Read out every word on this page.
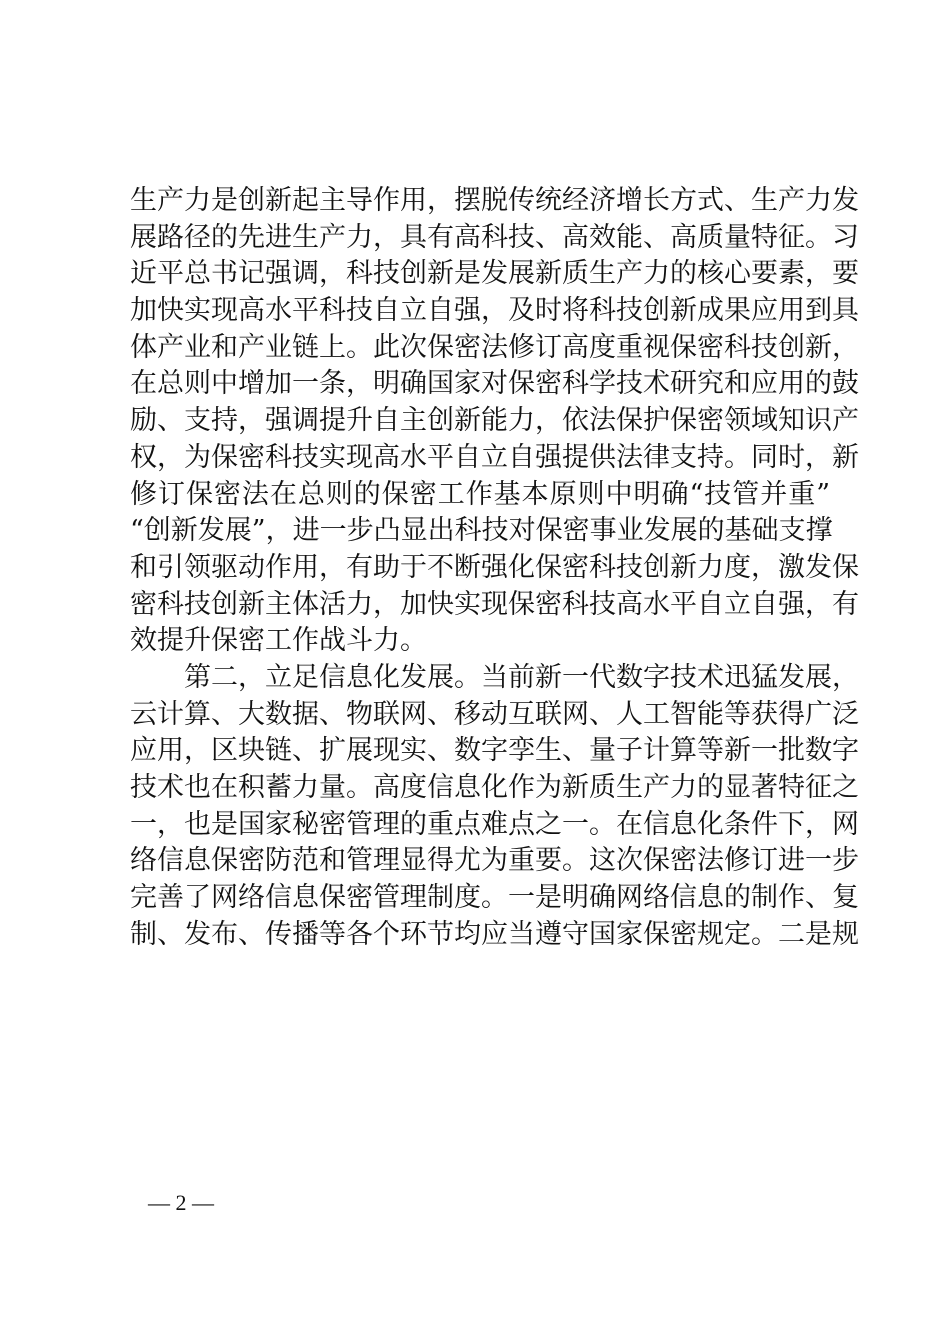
生产力是创新起主导作用，摆脱传统经济增长方式、生产力发
展路径的先进生产力，具有高科技、高效能、高质量特征。习
近平总书记强调，科技创新是发展新质生产力的核心要素，要
加快实现高水平科技自立自强，及时将科技创新成果应用到具
体产业和产业链上。此次保密法修订高度重视保密科技创新，
在总则中增加一条，明确国家对保密科学技术研究和应用的鼓
励、支持，强调提升自主创新能力，依法保护保密领域知识产
权，为保密科技实现高水平自立自强提供法律支持。同时，新
修订保密法在总则的保密工作基本原则中明确“技管并重”
“创新发展”，进一步凸显出科技对保密事业发展的基础支撑
和引领驱动作用，有助于不断强化保密科技创新力度，激发保
密科技创新主体活力，加快实现保密科技高水平自立自强，有
效提升保密工作战斗力。
　　第二，立足信息化发展。当前新一代数字技术迅猛发展，
云计算、大数据、物联网、移动互联网、人工智能等获得广泛
应用，区块链、扩展现实、数字孪生、量子计算等新一批数字
技术也在积蓄力量。高度信息化作为新质生产力的显著特征之
一，也是国家秘密管理的重点难点之一。在信息化条件下，网
络信息保密防范和管理显得尤为重要。这次保密法修订进一步
完善了网络信息保密管理制度。一是明确网络信息的制作、复
制、发布、传播等各个环节均应当遵守国家保密规定。二是规
— 2 —
